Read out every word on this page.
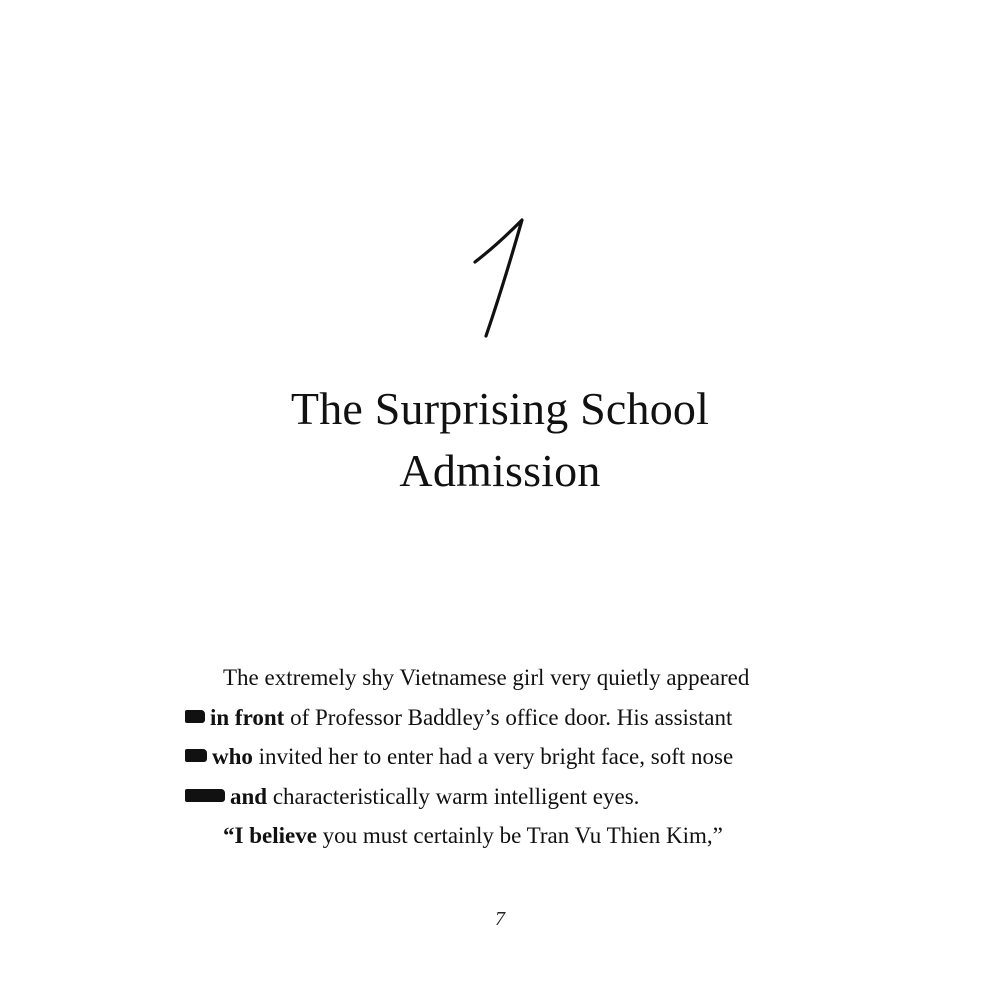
The Surprising School
Admission
The extremely shy Vietnamese girl very quietly appeared
in front of Professor Baddley’s office door. His assistant
who invited her to enter had a very bright face, soft nose
and characteristically warm intelligent eyes.
“I believe you must certainly be Tran Vu Thien Kim,”
7
